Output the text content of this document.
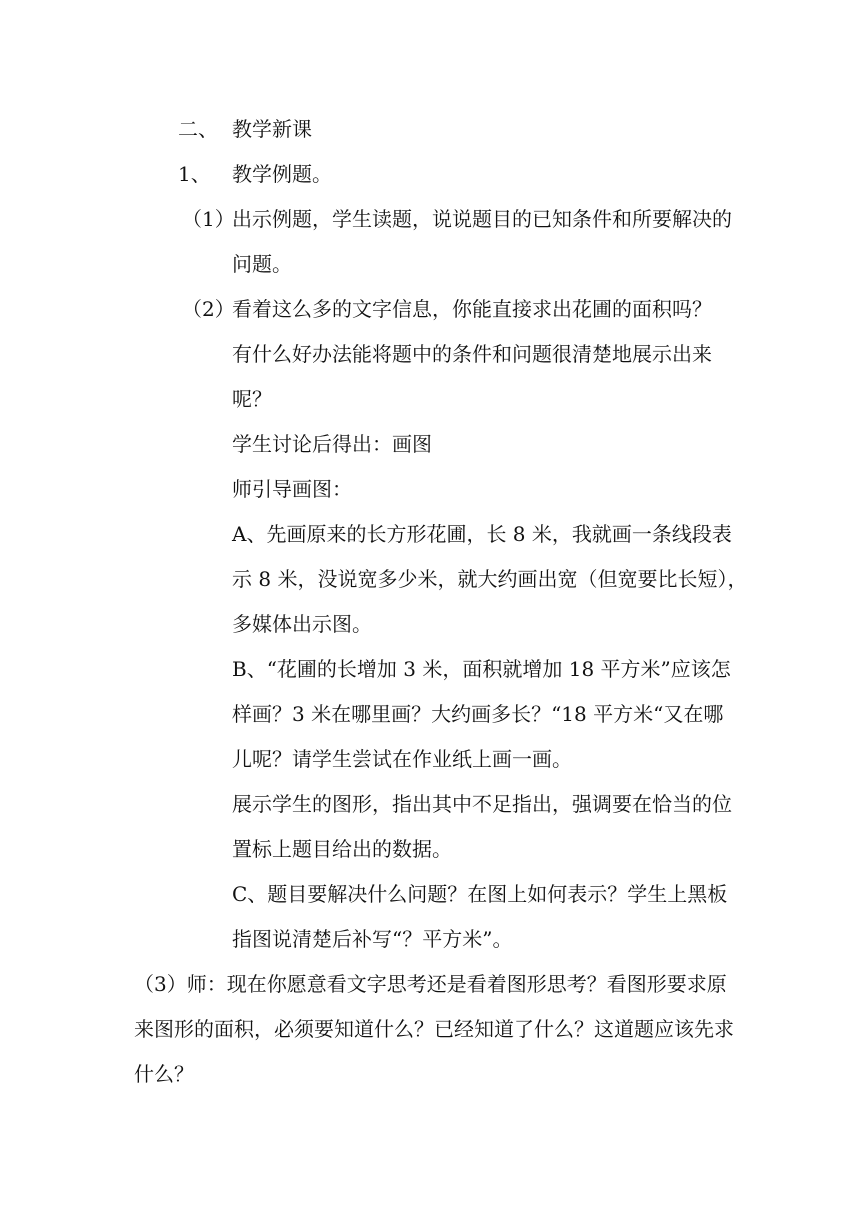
二、 教学新课
1、 教学例题。
（1）
出示例题，学生读题，说说题目的已知条件和所要解决的
问题。
（2）
看着这么多的文字信息，你能直接求出花圃的面积吗？
有什么好办法能将题中的条件和问题很清楚地展示出来
呢？
学生讨论后得出：画图
师引导画图：
A、先画原来的长方形花圃，长 8 米，我就画一条线段表
示 8 米，没说宽多少米，就大约画出宽（但宽要比长短），
多媒体出示图。
B、“花圃的长增加 3 米，面积就增加 18 平方米”应该怎
样画？3 米在哪里画？大约画多长？“18 平方米“又在哪
儿呢？请学生尝试在作业纸上画一画。
展示学生的图形，指出其中不足指出，强调要在恰当的位
置标上题目给出的数据。
C、题目要解决什么问题？在图上如何表示？学生上黑板
指图说清楚后补写“？平方米”。
（3）师：现在你愿意看文字思考还是看着图形思考？看图形要求原
来图形的面积，必须要知道什么？已经知道了什么？这道题应该先求
什么？
